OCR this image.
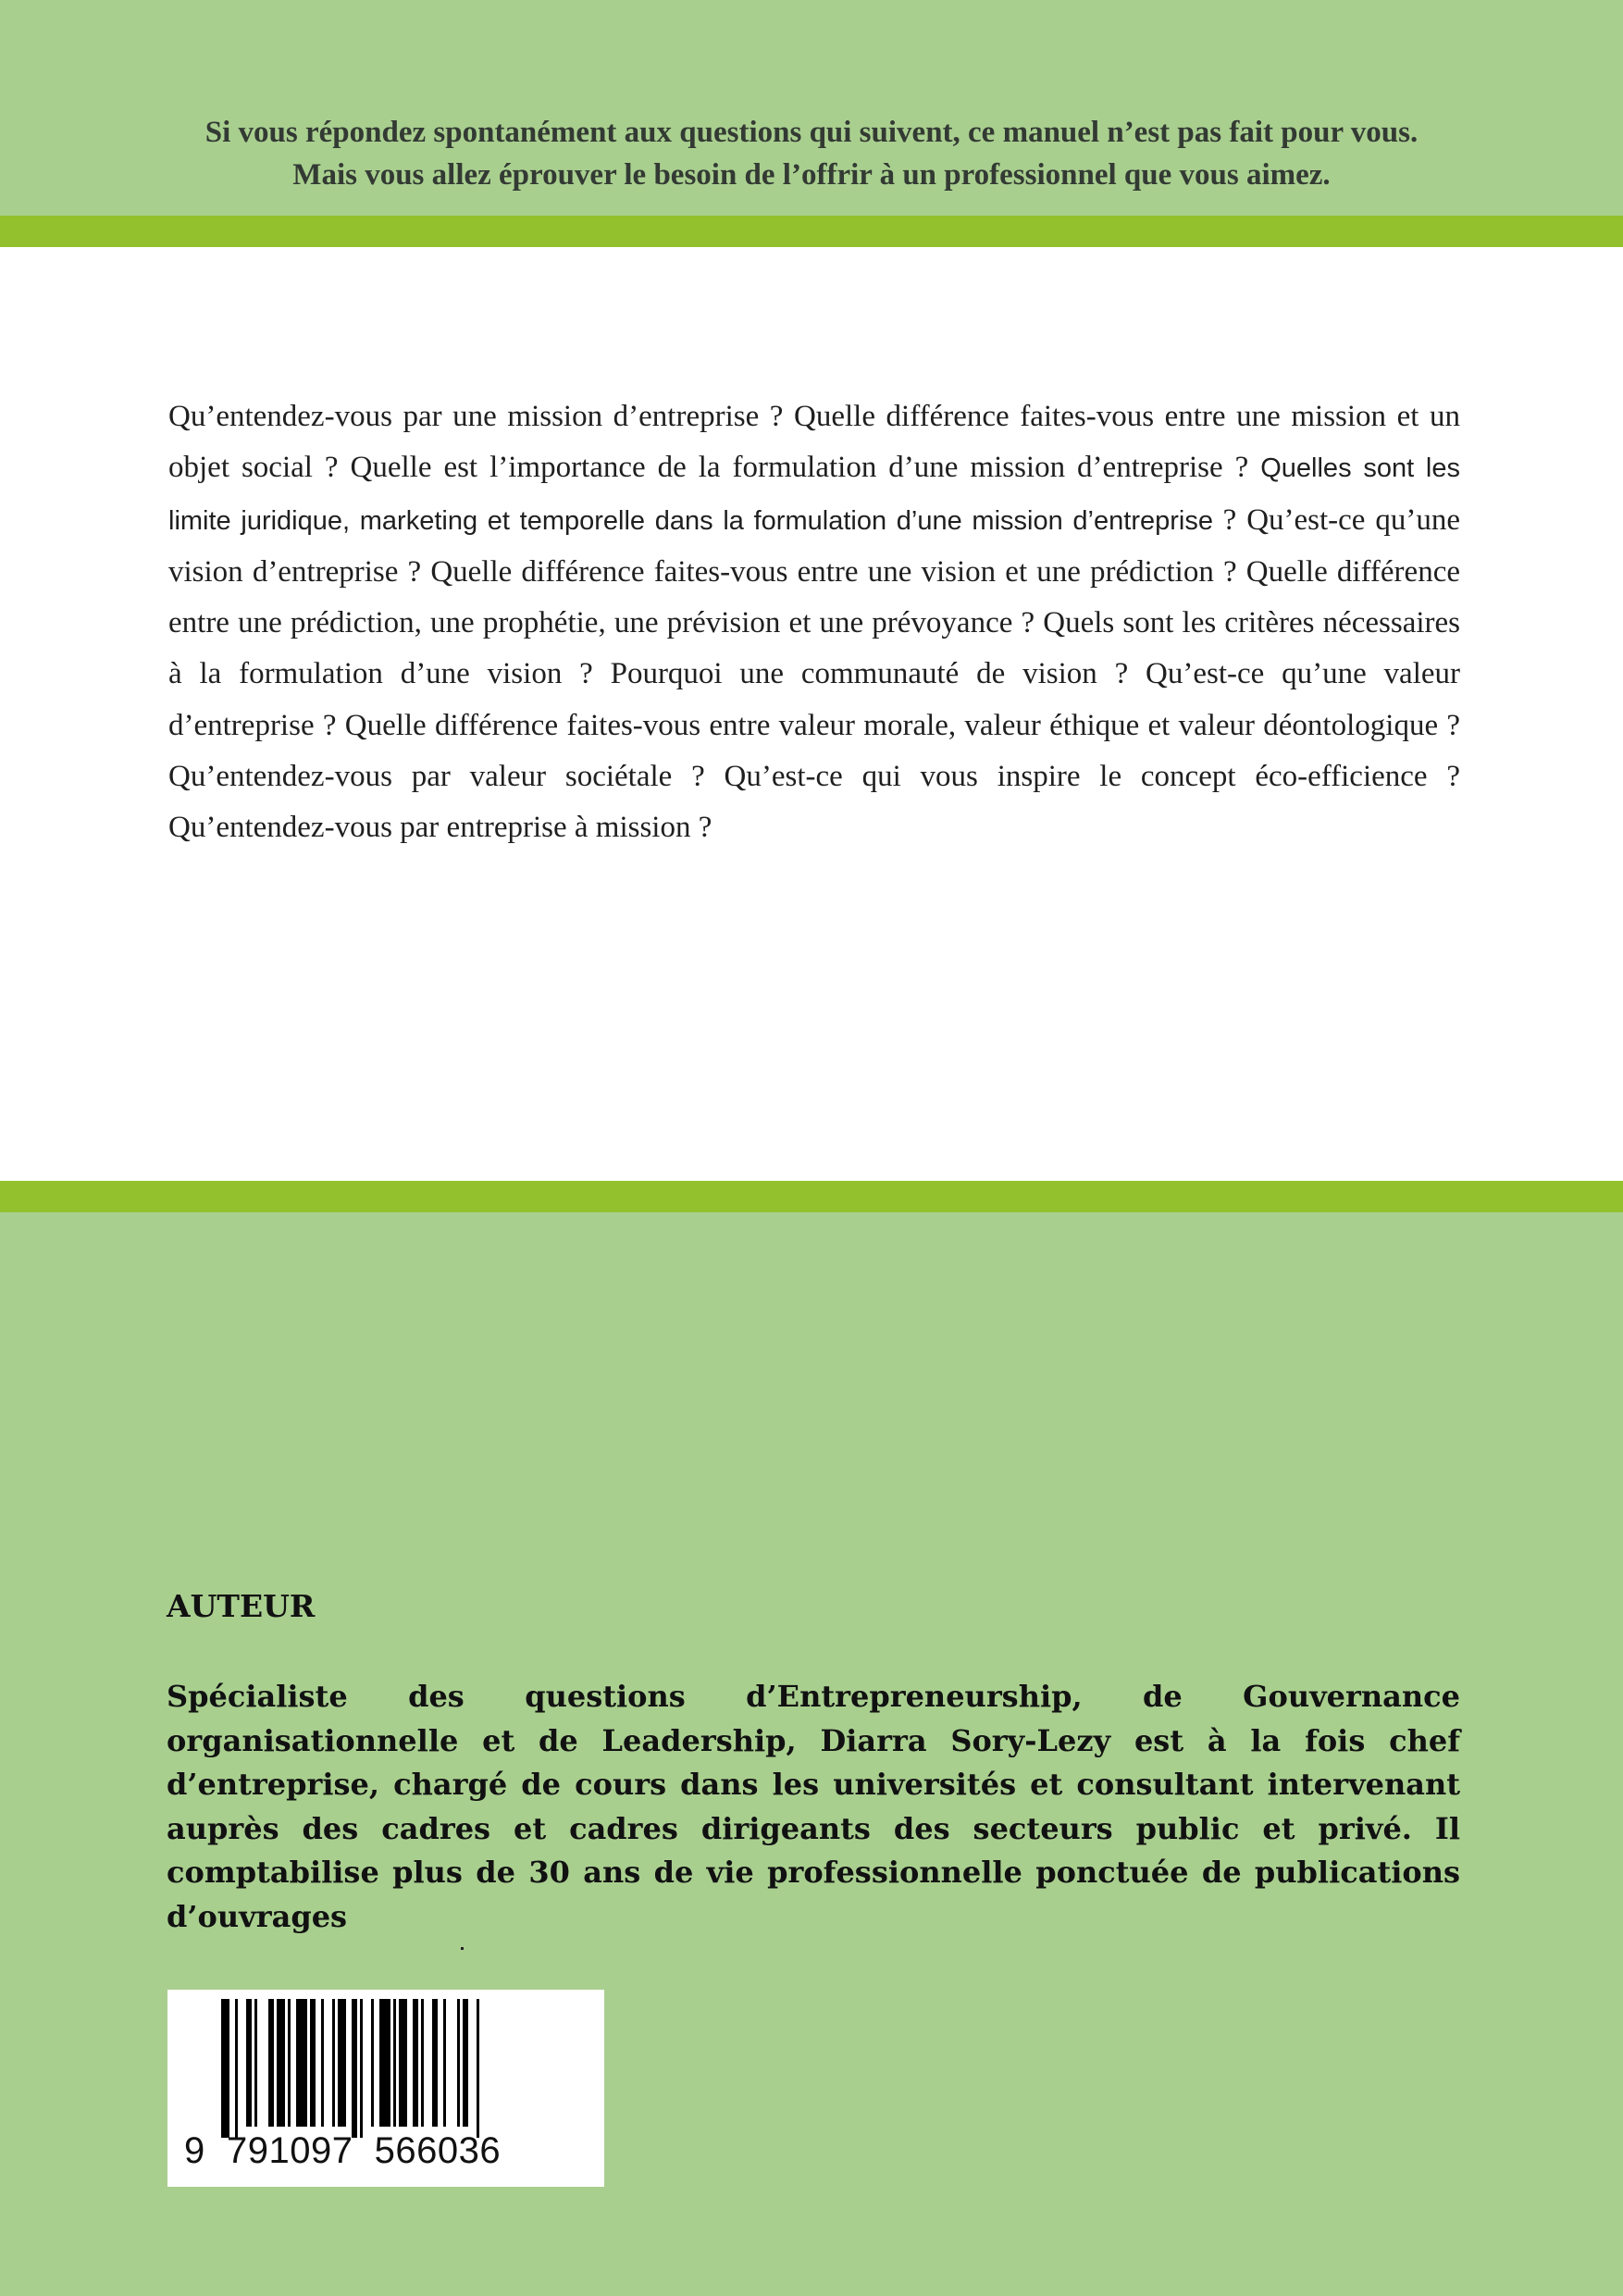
Si vous répondez spontanément aux questions qui suivent, ce manuel n’est pas fait pour vous.
Mais vous allez éprouver le besoin de l’offrir à un professionnel que vous aimez.
Qu’entendez-vous par une mission d’entreprise ? Quelle différence faites-vous entre une mission et un objet social ? Quelle est l’importance de la formulation d’une mission d’entreprise ? Quelles sont les limite juridique, marketing et temporelle dans la formulation d’une mission d’entreprise ? Qu’est-ce qu’une vision d’entreprise ? Quelle différence faites-vous entre une vision et une prédiction ? Quelle différence entre une prédiction, une prophétie, une prévision et une prévoyance ? Quels sont les critères nécessaires à la formulation d’une vision ? Pourquoi une communauté de vision ? Qu’est-ce qu’une valeur d’entreprise ? Quelle différence faites-vous entre valeur morale, valeur éthique et valeur déontologique ? Qu’entendez-vous par valeur sociétale ? Qu’est-ce qui vous inspire le concept éco-efficience ? Qu’entendez-vous par entreprise à mission ?
AUTEUR
Spécialiste des questions d’Entrepreneurship, de Gouvernance organisationnelle et de Leadership, Diarra Sory-Lezy est à la fois chef d’entreprise, chargé de cours dans les universités et consultant intervenant auprès des cadres et cadres dirigeants des secteurs public et privé. Il comptabilise plus de 30 ans de vie professionnelle ponctuée de publications d’ouvrages
9  791097  566036
